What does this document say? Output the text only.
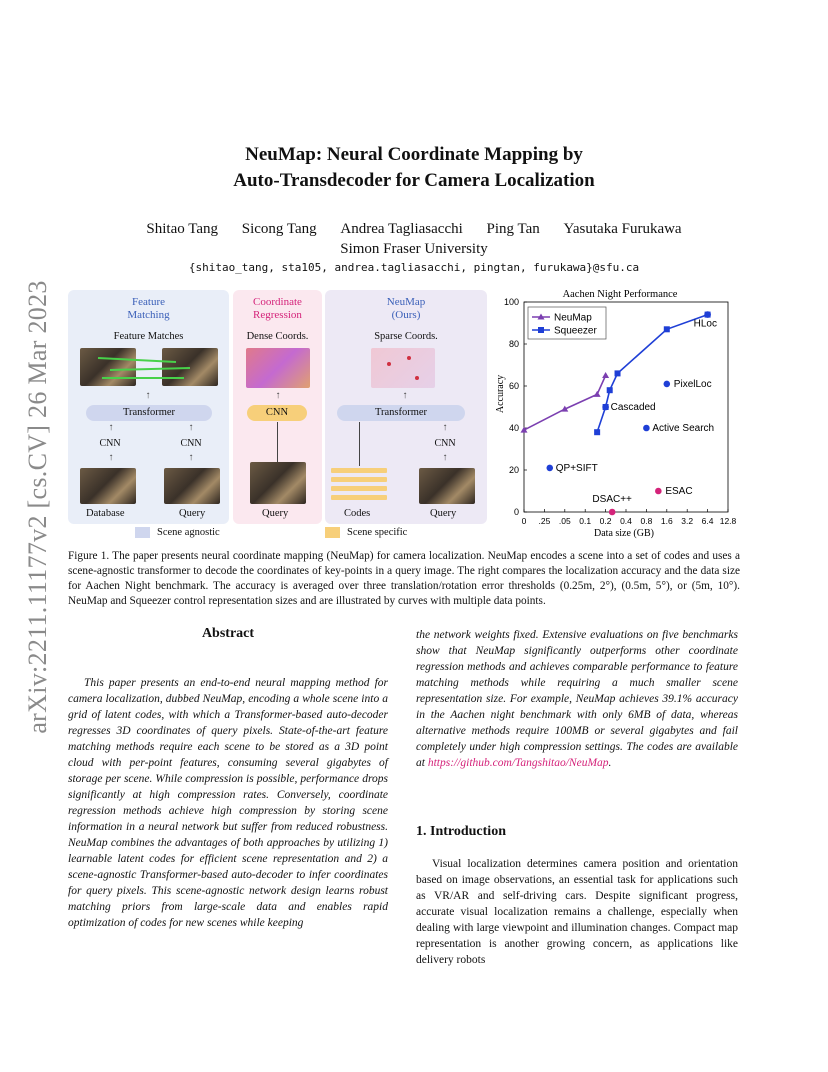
arXiv:2211.11177v2 [cs.CV] 26 Mar 2023
NeuMap: Neural Coordinate Mapping by
Auto-Transdecoder for Camera Localization
Shitao Tang Sicong Tang Andrea Tagliasacchi Ping Tan Yasutaka Furukawa
Simon Fraser University
{shitao_tang, sta105, andrea.tagliasacchi, pingtan, furukawa}@sfu.ca
Feature
Matching
Feature Matches
↑
Transformer
↑	↑
CNN	CNN
↑	↑
Coordinate
Regression
Dense Coords.
↑
CNN
NeuMap
(Ours)
Sparse Coords.
↑
Transformer
↑
CNN
↑
Database	Query	Query	Codes	Query
Scene agnostic	Scene specific
Aachen Night Performance
0
20
40
60
80
100
0 .25 .05 0.1 0.2 0.4 0.8 1.6 3.2 6.4 12.8
HLoc
PixelLoc
Cascaded
Active Search
QP+SIFT
ESAC
DSAC++
Data size (GB)
Accuracy
NeuMap
Squeezer
Figure 1. The paper presents neural coordinate mapping (NeuMap) for camera localization. NeuMap encodes a scene into a set of codes and uses a scene-agnostic transformer to decode the coordinates of key-points in a query image. The right compares the localization accuracy and the data size for Aachen Night benchmark. The accuracy is averaged over three translation/rotation error thresholds (0.25m, 2°), (0.5m, 5°), or (5m, 10°). NeuMap and Squeezer control representation sizes and are illustrated by curves with multiple data points.
Abstract
This paper presents an end-to-end neural mapping method for camera localization, dubbed NeuMap, encoding a whole scene into a grid of latent codes, with which a Transformer-based auto-decoder regresses 3D coordinates of query pixels. State-of-the-art feature matching methods require each scene to be stored as a 3D point cloud with per-point features, consuming several gigabytes of storage per scene. While compression is possible, performance drops significantly at high compression rates. Conversely, coordinate regression methods achieve high compression by storing scene information in a neural network but suffer from reduced robustness. NeuMap combines the advantages of both approaches by utilizing 1) learnable latent codes for efficient scene representation and 2) a scene-agnostic Transformer-based auto-decoder to infer coordinates for query pixels. This scene-agnostic network design learns robust matching priors from large-scale data and enables rapid optimization of codes for new scenes while keeping
the network weights fixed. Extensive evaluations on five benchmarks show that NeuMap significantly outperforms other coordinate regression methods and achieves comparable performance to feature matching methods while requiring a much smaller scene representation size. For example, NeuMap achieves 39.1% accuracy in the Aachen night benchmark with only 6MB of data, whereas alternative methods require 100MB or several gigabytes and fail completely under high compression settings. The codes are available at https://github.com/Tangshitao/NeuMap.
1. Introduction
Visual localization determines camera position and orientation based on image observations, an essential task for applications such as VR/AR and self-driving cars. Despite significant progress, accurate visual localization remains a challenge, especially when dealing with large viewpoint and illumination changes. Compact map representation is another growing concern, as applications like delivery robots
